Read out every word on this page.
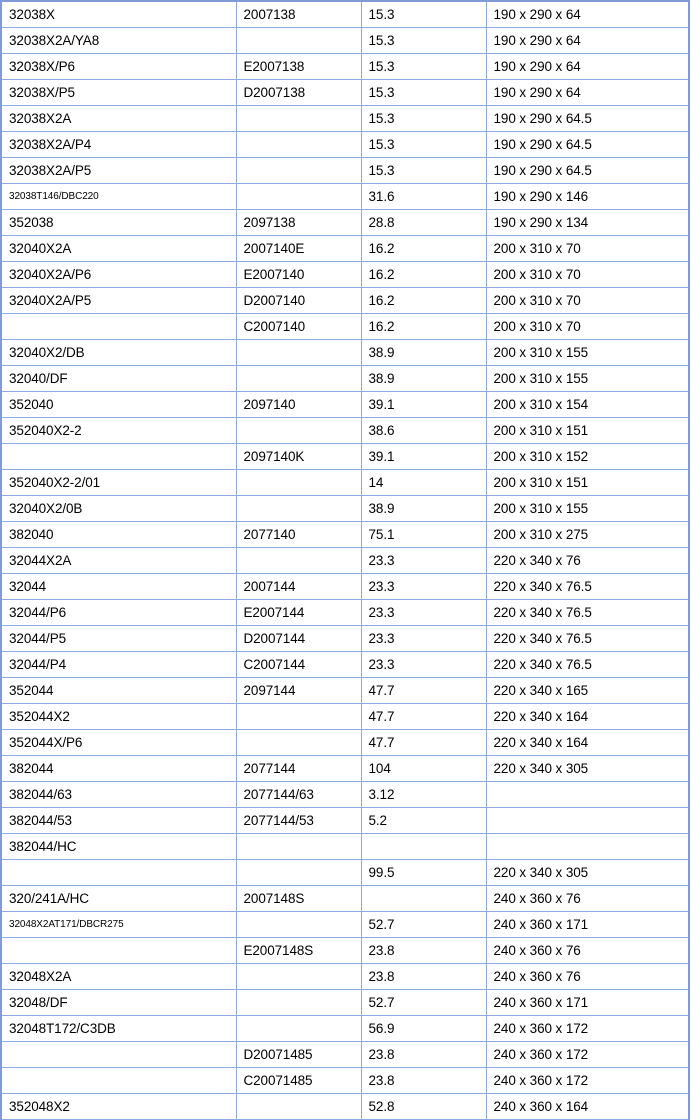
32038X	2007138	15.3	190 x 290 x 64
32038X2A/YA8		15.3	190 x 290 x 64
32038X/P6	E2007138	15.3	190 x 290 x 64
32038X/P5	D2007138	15.3	190 x 290 x 64
32038X2A		15.3	190 x 290 x 64.5
32038X2A/P4		15.3	190 x 290 x 64.5
32038X2A/P5		15.3	190 x 290 x 64.5
32038T146/DBC220		31.6	190 x 290 x 146
352038	2097138	28.8	190 x 290 x 134
32040X2A	2007140E	16.2	200 x 310 x 70
32040X2A/P6	E2007140	16.2	200 x 310 x 70
32040X2A/P5	D2007140	16.2	200 x 310 x 70
	C2007140	16.2	200 x 310 x 70
32040X2/DB		38.9	200 x 310 x 155
32040/DF		38.9	200 x 310 x 155
352040	2097140	39.1	200 x 310 x 154
352040X2-2		38.6	200 x 310 x 151
	2097140K	39.1	200 x 310 x 152
352040X2-2/01		14	200 x 310 x 151
32040X2/0B		38.9	200 x 310 x 155
382040	2077140	75.1	200 x 310 x 275
32044X2A		23.3	220 x 340 x 76
32044	2007144	23.3	220 x 340 x 76.5
32044/P6	E2007144	23.3	220 x 340 x 76.5
32044/P5	D2007144	23.3	220 x 340 x 76.5
32044/P4	C2007144	23.3	220 x 340 x 76.5
352044	2097144	47.7	220 x 340 x 165
352044X2		47.7	220 x 340 x 164
352044X/P6		47.7	220 x 340 x 164
382044	2077144	104	220 x 340 x 305
382044/63	2077144/63	3.12	
382044/53	2077144/53	5.2	
382044/HC			
		99.5	220 x 340 x 305
320/241A/HC	2007148S		240 x 360 x 76
32048X2AT171/DBCR275		52.7	240 x 360 x 171
	E2007148S	23.8	240 x 360 x 76
32048X2A		23.8	240 x 360 x 76
32048/DF		52.7	240 x 360 x 171
32048T172/C3DB		56.9	240 x 360 x 172
	D20071485	23.8	240 x 360 x 172
	C20071485	23.8	240 x 360 x 172
352048X2		52.8	240 x 360 x 164
